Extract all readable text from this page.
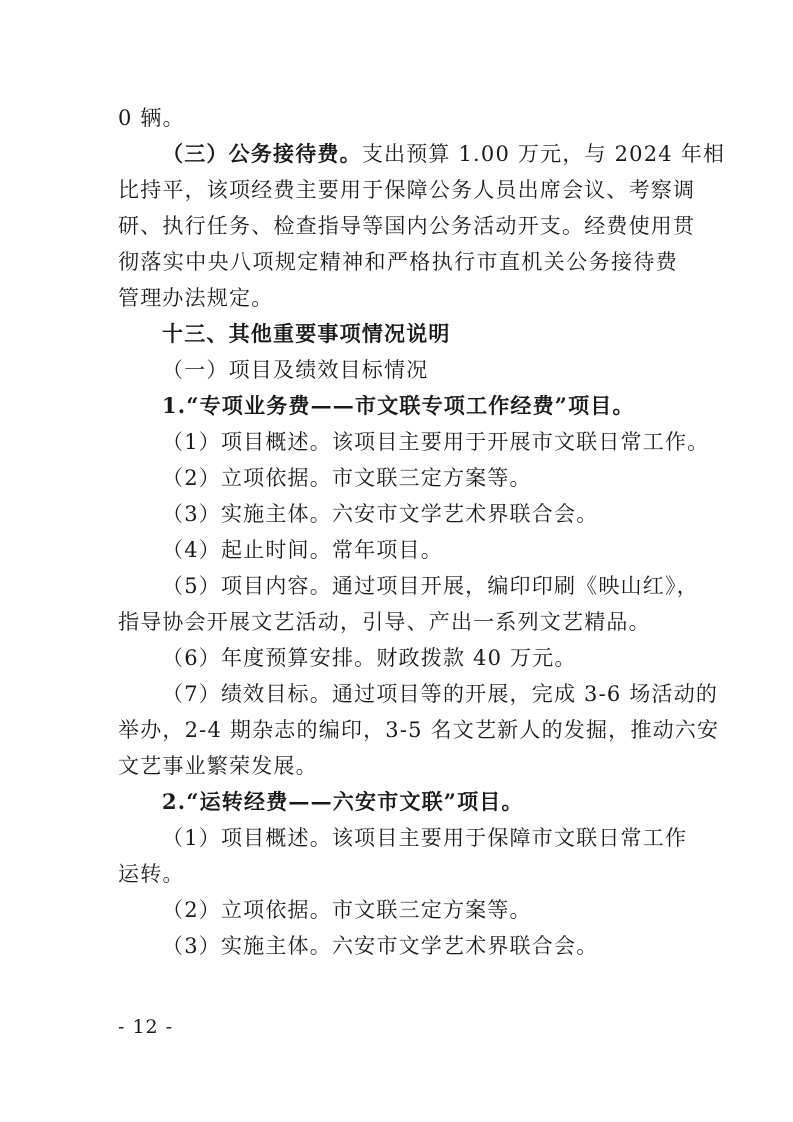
0 辆。
（三）公务接待费。支出预算 1.00 万元，与 2024 年相
比持平，该项经费主要用于保障公务人员出席会议、考察调
研、执行任务、检查指导等国内公务活动开支。经费使用贯
彻落实中央八项规定精神和严格执行市直机关公务接待费
管理办法规定。
十三、其他重要事项情况说明
（一）项目及绩效目标情况
1.“专项业务费——市文联专项工作经费”项目。
（1）项目概述。该项目主要用于开展市文联日常工作。
（2）立项依据。市文联三定方案等。
（3）实施主体。六安市文学艺术界联合会。
（4）起止时间。常年项目。
（5）项目内容。通过项目开展，编印印刷《映山红》，
指导协会开展文艺活动，引导、产出一系列文艺精品。
（6）年度预算安排。财政拨款 40 万元。
（7）绩效目标。通过项目等的开展，完成 3-6 场活动的
举办，2-4 期杂志的编印，3-5 名文艺新人的发掘，推动六安
文艺事业繁荣发展。
2.“运转经费——六安市文联”项目。
（1）项目概述。该项目主要用于保障市文联日常工作
运转。
（2）立项依据。市文联三定方案等。
（3）实施主体。六安市文学艺术界联合会。
- 12 -
